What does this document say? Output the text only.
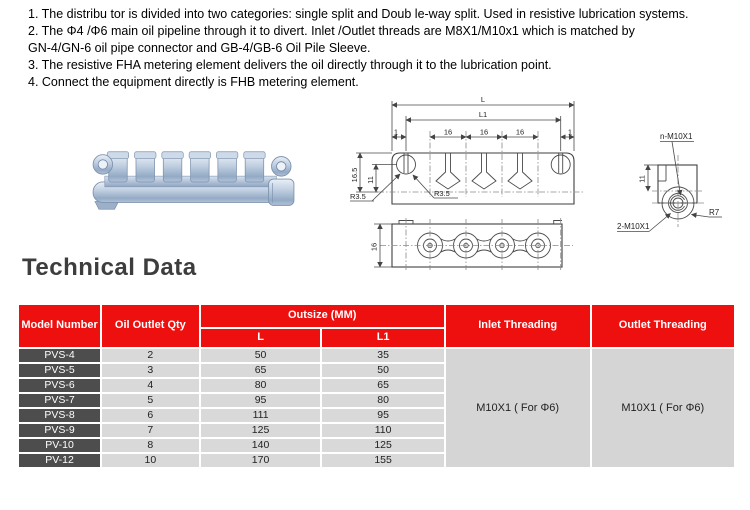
1. The distribu tor is divided into two categories: single split and Doub le-way split. Used in resistive lubrication systems.
2. The Φ4 /Φ6 main oil pipeline through it to divert. Inlet /Outlet threads are M8X1/M10x1 which is matched by
GN-4/GN-6 oil pipe connector and GB-4/GB-6 Oil Pile Sleeve.
3. The resistive FHA metering element delivers the oil directly through it to the lubrication point.
4. Connect the equipment directly is FHB metering element.
L
L1
1	1
16	16	16
16.5 11
R3.5	R3.5
16
11
n-M10X1
2-M10X1
R7
Technical Data
Model Number	Oil Outlet Qty	Outsize (MM)		Inlet Threading	Outlet Threading
		L	L1		
PVS-4	2	50	35	M10X1 ( For Φ6)	M10X1 ( For Φ6)
PVS-5	3	65	50		
PVS-6	4	80	65		
PVS-7	5	95	80		
PVS-8	6	111	95		
PVS-9	7	125	110		
PV-10	8	140	125		
PV-12	10	170	155		
